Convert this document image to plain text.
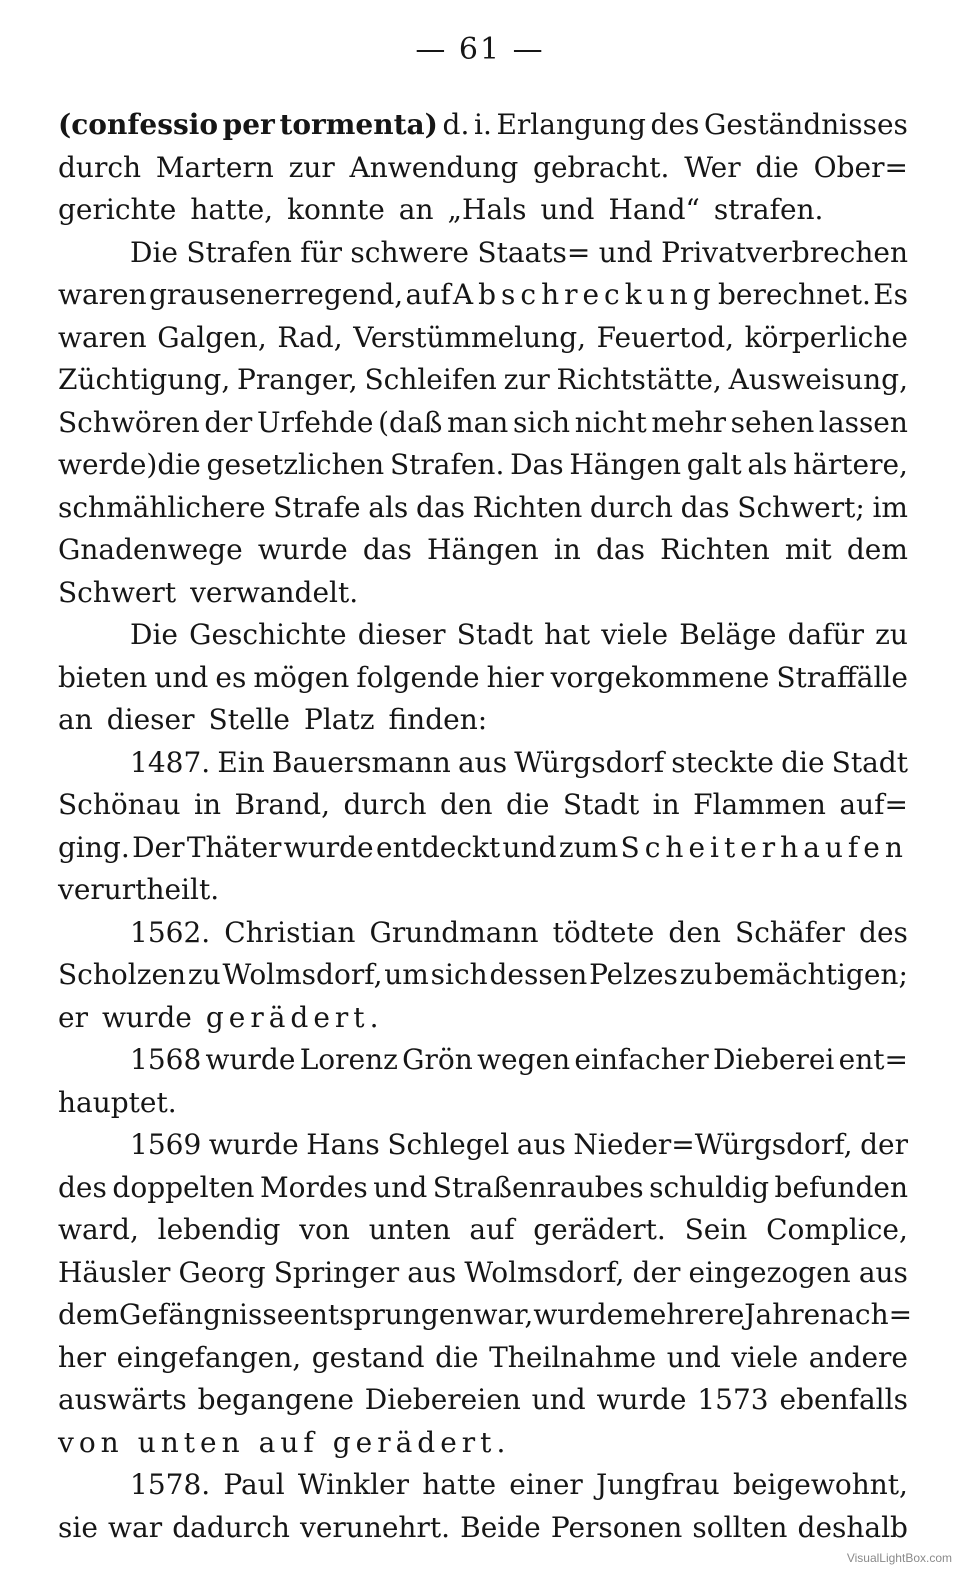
— 61 —
(confessio per tormenta) d. i. Erlangung des Geständnisses
durch Martern zur Anwendung gebracht. Wer die Ober=
gerichte hatte, konnte an „Hals und Hand“ strafen.
Die Strafen für schwere Staats= und Privatverbrechen
waren grausenerregend, auf Abschreckung berechnet. Es
waren Galgen, Rad, Verstümmelung, Feuertod, körperliche
Züchtigung, Pranger, Schleifen zur Richtstätte, Ausweisung,
Schwören der Urfehde (daß man sich nicht mehr sehen lassen
werde)die gesetzlichen Strafen. Das Hängen galt als härtere,
schmählichere Strafe als das Richten durch das Schwert; im
Gnadenwege wurde das Hängen in das Richten mit dem
Schwert verwandelt.
Die Geschichte dieser Stadt hat viele Beläge dafür zu
bieten und es mögen folgende hier vorgekommene Straffälle
an dieser Stelle Platz finden:
1487. Ein Bauersmann aus Würgsdorf steckte die Stadt
Schönau in Brand, durch den die Stadt in Flammen auf=
ging. Der Thäter wurde entdeckt und zum Scheiterhaufen
verurtheilt.
1562. Christian Grundmann tödtete den Schäfer des
Scholzen zu Wolmsdorf, um sich dessen Pelzes zu bemächtigen;
er wurde gerädert.
1568 wurde Lorenz Grön wegen einfacher Dieberei ent=
hauptet.
1569 wurde Hans Schlegel aus Nieder=Würgsdorf, der
des doppelten Mordes und Straßenraubes schuldig befunden
ward, lebendig von unten auf gerädert. Sein Complice,
Häusler Georg Springer aus Wolmsdorf, der eingezogen aus
dem Gefängnisse entsprungen war, wurde mehrere Jahre nach=
her eingefangen, gestand die Theilnahme und viele andere
auswärts begangene Diebereien und wurde 1573 ebenfalls
von unten auf gerädert.
1578. Paul Winkler hatte einer Jungfrau beigewohnt,
sie war dadurch verunehrt. Beide Personen sollten deshalb
VisualLightBox.com
